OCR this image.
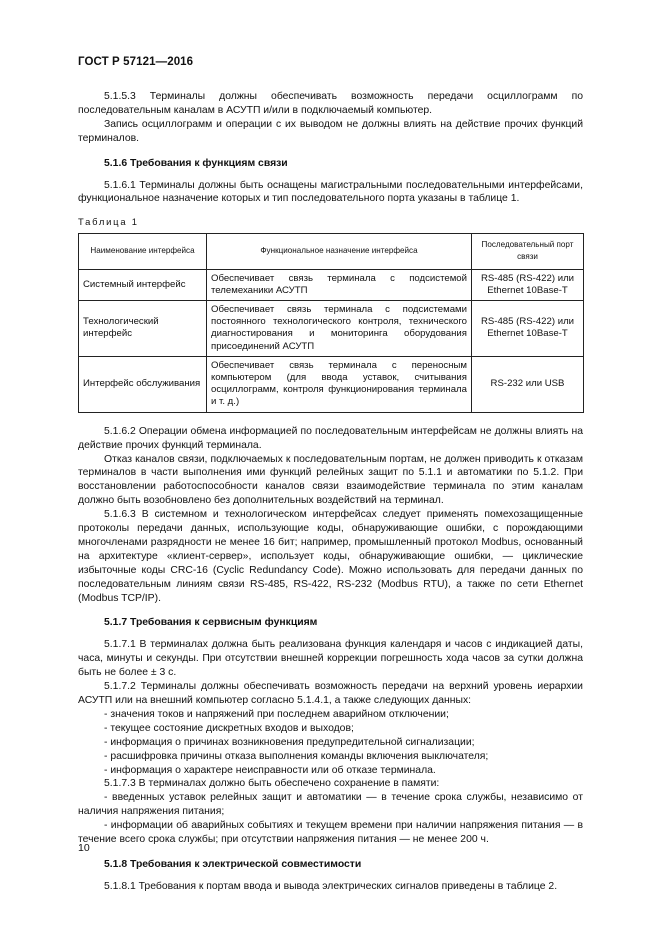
ГОСТ Р 57121—2016

5.1.5.3 Терминалы должны обеспечивать возможность передачи осциллограмм по последовательным каналам в АСУТП и/или в подключаемый компьютер.

Запись осциллограмм и операции с их выводом не должны влиять на действие прочих функций терминалов.

5.1.6 Требования к функциям связи

5.1.6.1 Терминалы должны быть оснащены магистральными последовательными интерфейсами, функциональное назначение которых и тип последовательного порта указаны в таблице 1.

Таблица 1

Наименование интерфейса	Функциональное назначение интерфейса	Последовательный порт связи
Системный интерфейс	Обеспечивает связь терминала с подсистемой телемеханики АСУТП	RS-485 (RS-422) или Ethernet 10Base-T
Технологический интерфейс	Обеспечивает связь терминала с подсистемами постоянного технологического контроля, технического диагностирования и мониторинга оборудования присоединений АСУТП	RS-485 (RS-422) или Ethernet 10Base-T
Интерфейс обслуживания	Обеспечивает связь терминала с переносным компьютером (для ввода уставок, считывания осциллограмм, контроля функционирования терминала и т. д.)	RS-232 или USB

5.1.6.2 Операции обмена информацией по последовательным интерфейсам не должны влиять на действие прочих функций терминала.

Отказ каналов связи, подключаемых к последовательным портам, не должен приводить к отказам терминалов в части выполнения ими функций релейных защит по 5.1.1 и автоматики по 5.1.2. При восстановлении работоспособности каналов связи взаимодействие терминала по этим каналам должно быть возобновлено без дополнительных воздействий на терминал.

5.1.6.3 В системном и технологическом интерфейсах следует применять помехозащищенные протоколы передачи данных, использующие коды, обнаруживающие ошибки, с порождающими многочленами разрядности не менее 16 бит; например, промышленный протокол Modbus, основанный на архитектуре «клиент-сервер», использует коды, обнаруживающие ошибки, — циклические избыточные коды CRC-16 (Cyclic Redundancy Code). Можно использовать для передачи данных по последовательным линиям связи RS-485, RS-422, RS-232 (Modbus RTU), а также по сети Ethernet (Modbus TCP/IP).

5.1.7 Требования к сервисным функциям

5.1.7.1 В терминалах должна быть реализована функция календаря и часов с индикацией даты, часа, минуты и секунды. При отсутствии внешней коррекции погрешность хода часов за сутки должна быть не более ± 3 с.

5.1.7.2 Терминалы должны обеспечивать возможность передачи на верхний уровень иерархии АСУТП или на внешний компьютер согласно 5.1.4.1, а также следующих данных:

- значения токов и напряжений при последнем аварийном отключении;

- текущее состояние дискретных входов и выходов;

- информация о причинах возникновения предупредительной сигнализации;

- расшифровка причины отказа выполнения команды включения выключателя;

- информация о характере неисправности или об отказе терминала.

5.1.7.3 В терминалах должно быть обеспечено сохранение в памяти:

- введенных уставок релейных защит и автоматики — в течение срока службы, независимо от наличия напряжения питания;

- информации об аварийных событиях и текущем времени при наличии напряжения питания — в течение всего срока службы; при отсутствии напряжения питания — не менее 200 ч.

5.1.8 Требования к электрической совместимости

5.1.8.1 Требования к портам ввода и вывода электрических сигналов приведены в таблице 2.

10
